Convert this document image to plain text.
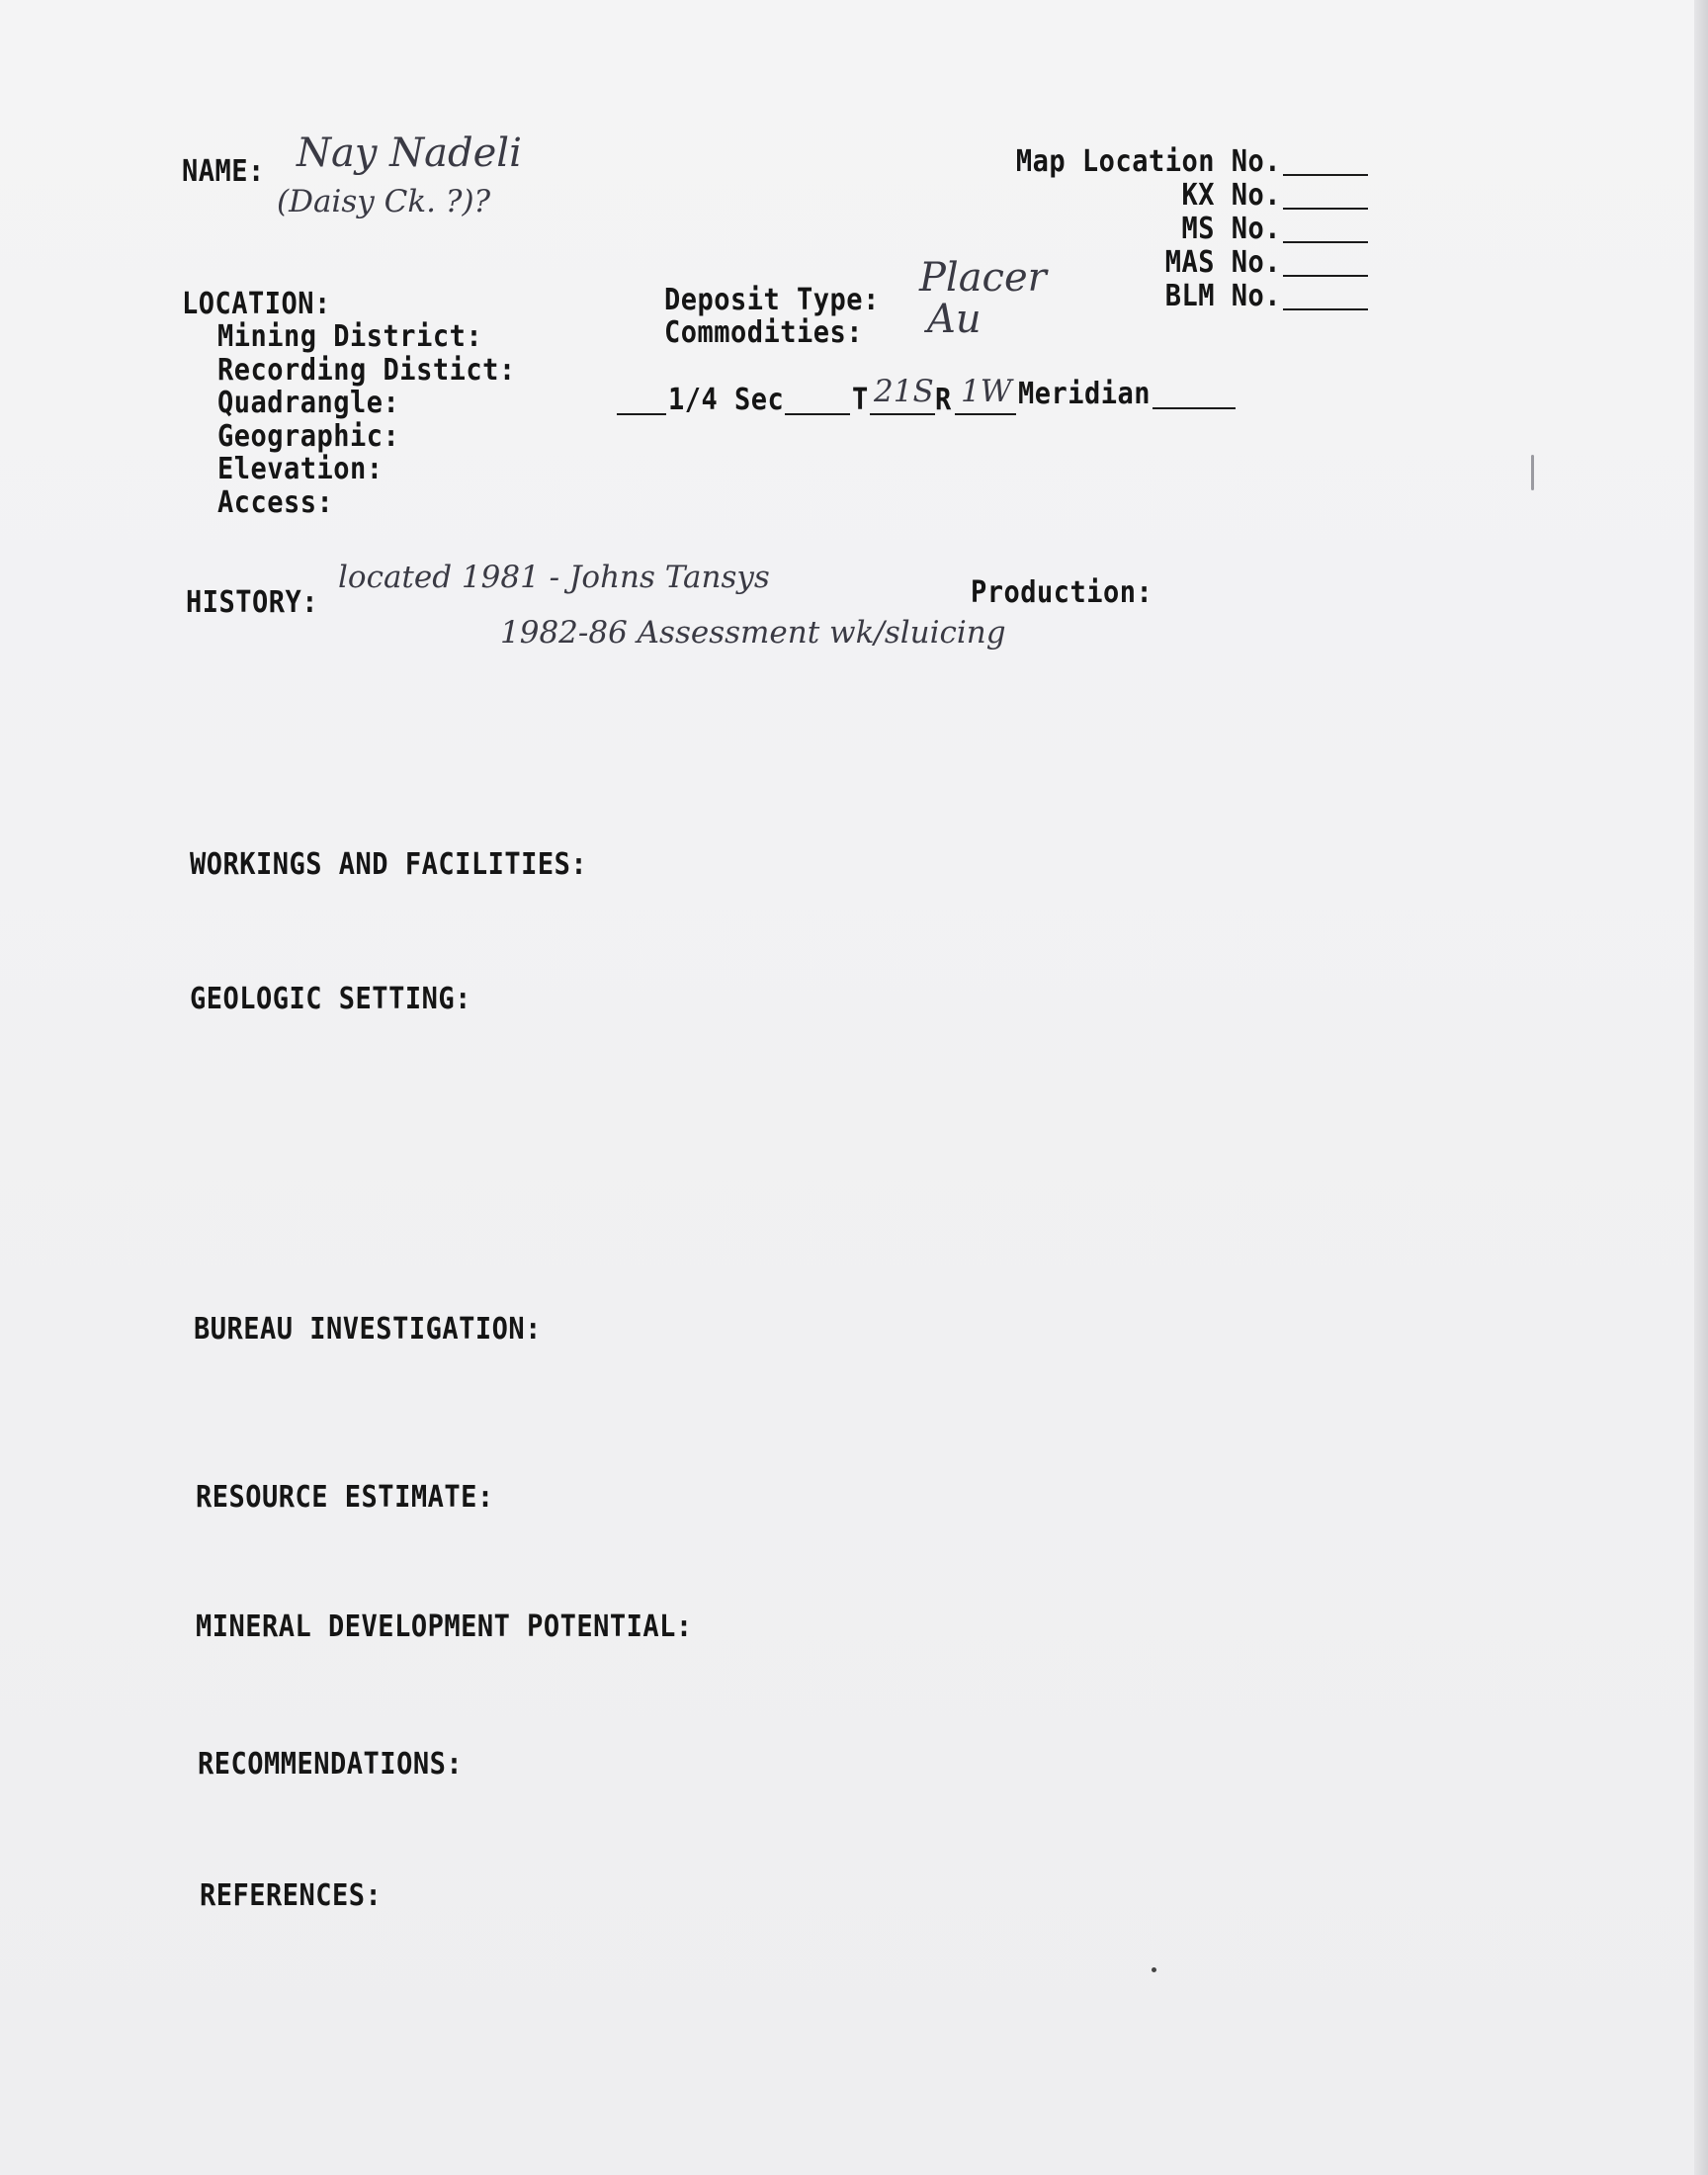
NAME: Nay Nadeli
(Daisy Ck. ?)?
Map Location No.
KX No.
MS No.
MAS No.
BLM No.
LOCATION:
Mining District:
Recording Distict:
Quadrangle:
Geographic:
Elevation:
Access:
Deposit Type: Placer
Commodities: Au
1/4 Sec	T 21S R 1W Meridian
HISTORY:
located 1981 - Johns Tansys
1982-86 Assessment wk/sluicing
Production:
WORKINGS AND FACILITIES:
GEOLOGIC SETTING:
BUREAU INVESTIGATION:
RESOURCE ESTIMATE:
MINERAL DEVELOPMENT POTENTIAL:
RECOMMENDATIONS:
REFERENCES:
